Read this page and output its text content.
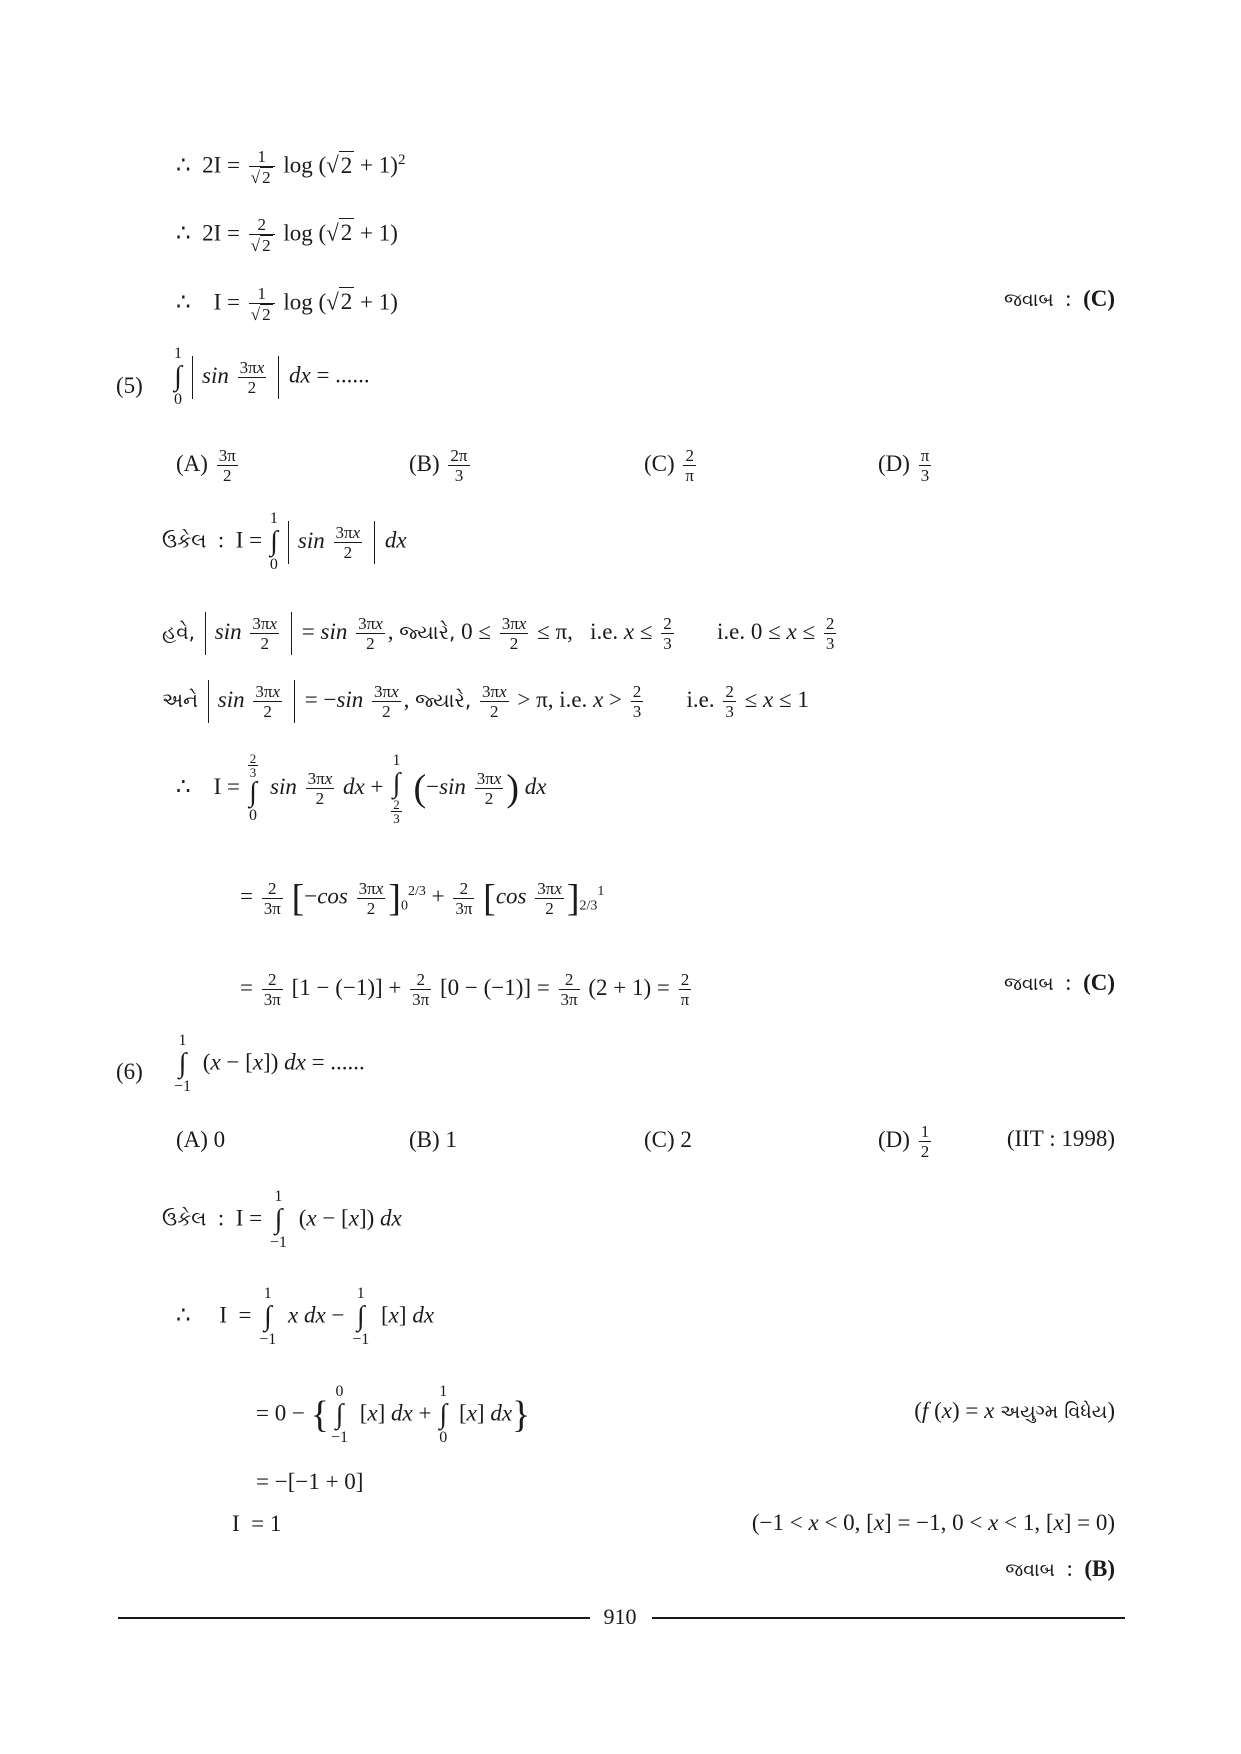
∴  $2I = \frac{1}{√ 2}$ $\log (√2 + 1)^2$
∴  $2I = \frac{2}{√ 2}$ log (√2 + 1)
∴    $I = \frac{1}{√ 2}$ log (√2 + 1)	જવાબ  :  (C)
(5)
1
∫
0
$\sin \frac{3\pi x}{2}$ dx = ......
$(A) \frac{3\pi}{2}$	$(B) \frac{2\pi}{3}$	$(C) \frac{2}{\pi}$	$(D) \frac{\pi}{3}$
ઉકેલ  :  I =
1
∫
0
$\sin \frac{3\pi x}{2}$ dx
હવે, $\sin \frac{3\pi x}{2} = \sin \frac{3\pi x}{2}$ , જ્યારે, $0 \le \frac{3\pi x}{2} \le \pi$,   i.e. $x \le \frac{2}{3} i.e$. $0 \le x \le \frac{2}{3}$
અને $\sin \frac{3\pi x}{2} = -\sin \frac{3\pi x}{2}$ , જ્યારે, $\frac{3\pi x}{2} > \pi$, i.e. $x > \frac{2}{3} i.e$. $\frac{2}{3} \le x \le 1$
∴    I =
$\frac{2}{3}$
∫
0
$\sin \frac{3\pi x}{2}$ dx +
1
∫
$\frac{2}{3}$
($-\sin \frac{3\pi x}{2}$ ) dx
= $\frac{2}{3\pi} [-\cos \frac{3\pi x}{2} ]_0^{2/3} + \frac{2}{3\pi} [\cos \frac{3\pi x}{2} ]_{2/3}^1$
= $\frac{2}{3\pi} [1 - (-1)] + \frac{2}{3\pi} [0 - (-1)] = \frac{2}{3\pi} (2 + 1) = \frac{2}{\pi}$	જવાબ  :  (C)
(6)
1
∫
−1
(x − [x]) dx = ......
(A) 0	(B) 1	(C) 2	$(D) \frac{1}{2}$	(IIT : 1998)
ઉકેલ  :  I =
1
∫
−1
(x − [x]) dx
∴     I  =
1
∫
−1
x dx −
1
∫
−1
[x] dx
= 0 − {
0
∫
−1
[x] dx +
1
∫
0
[x] dx}	(f (x) = x અયુગ્મ વિધેય)
= −[−1 + 0]
I  = 1	(−1 < x < 0, [x] = −1, 0 < x < 1, [x] = 0)
જવાબ  :  (B)
910
